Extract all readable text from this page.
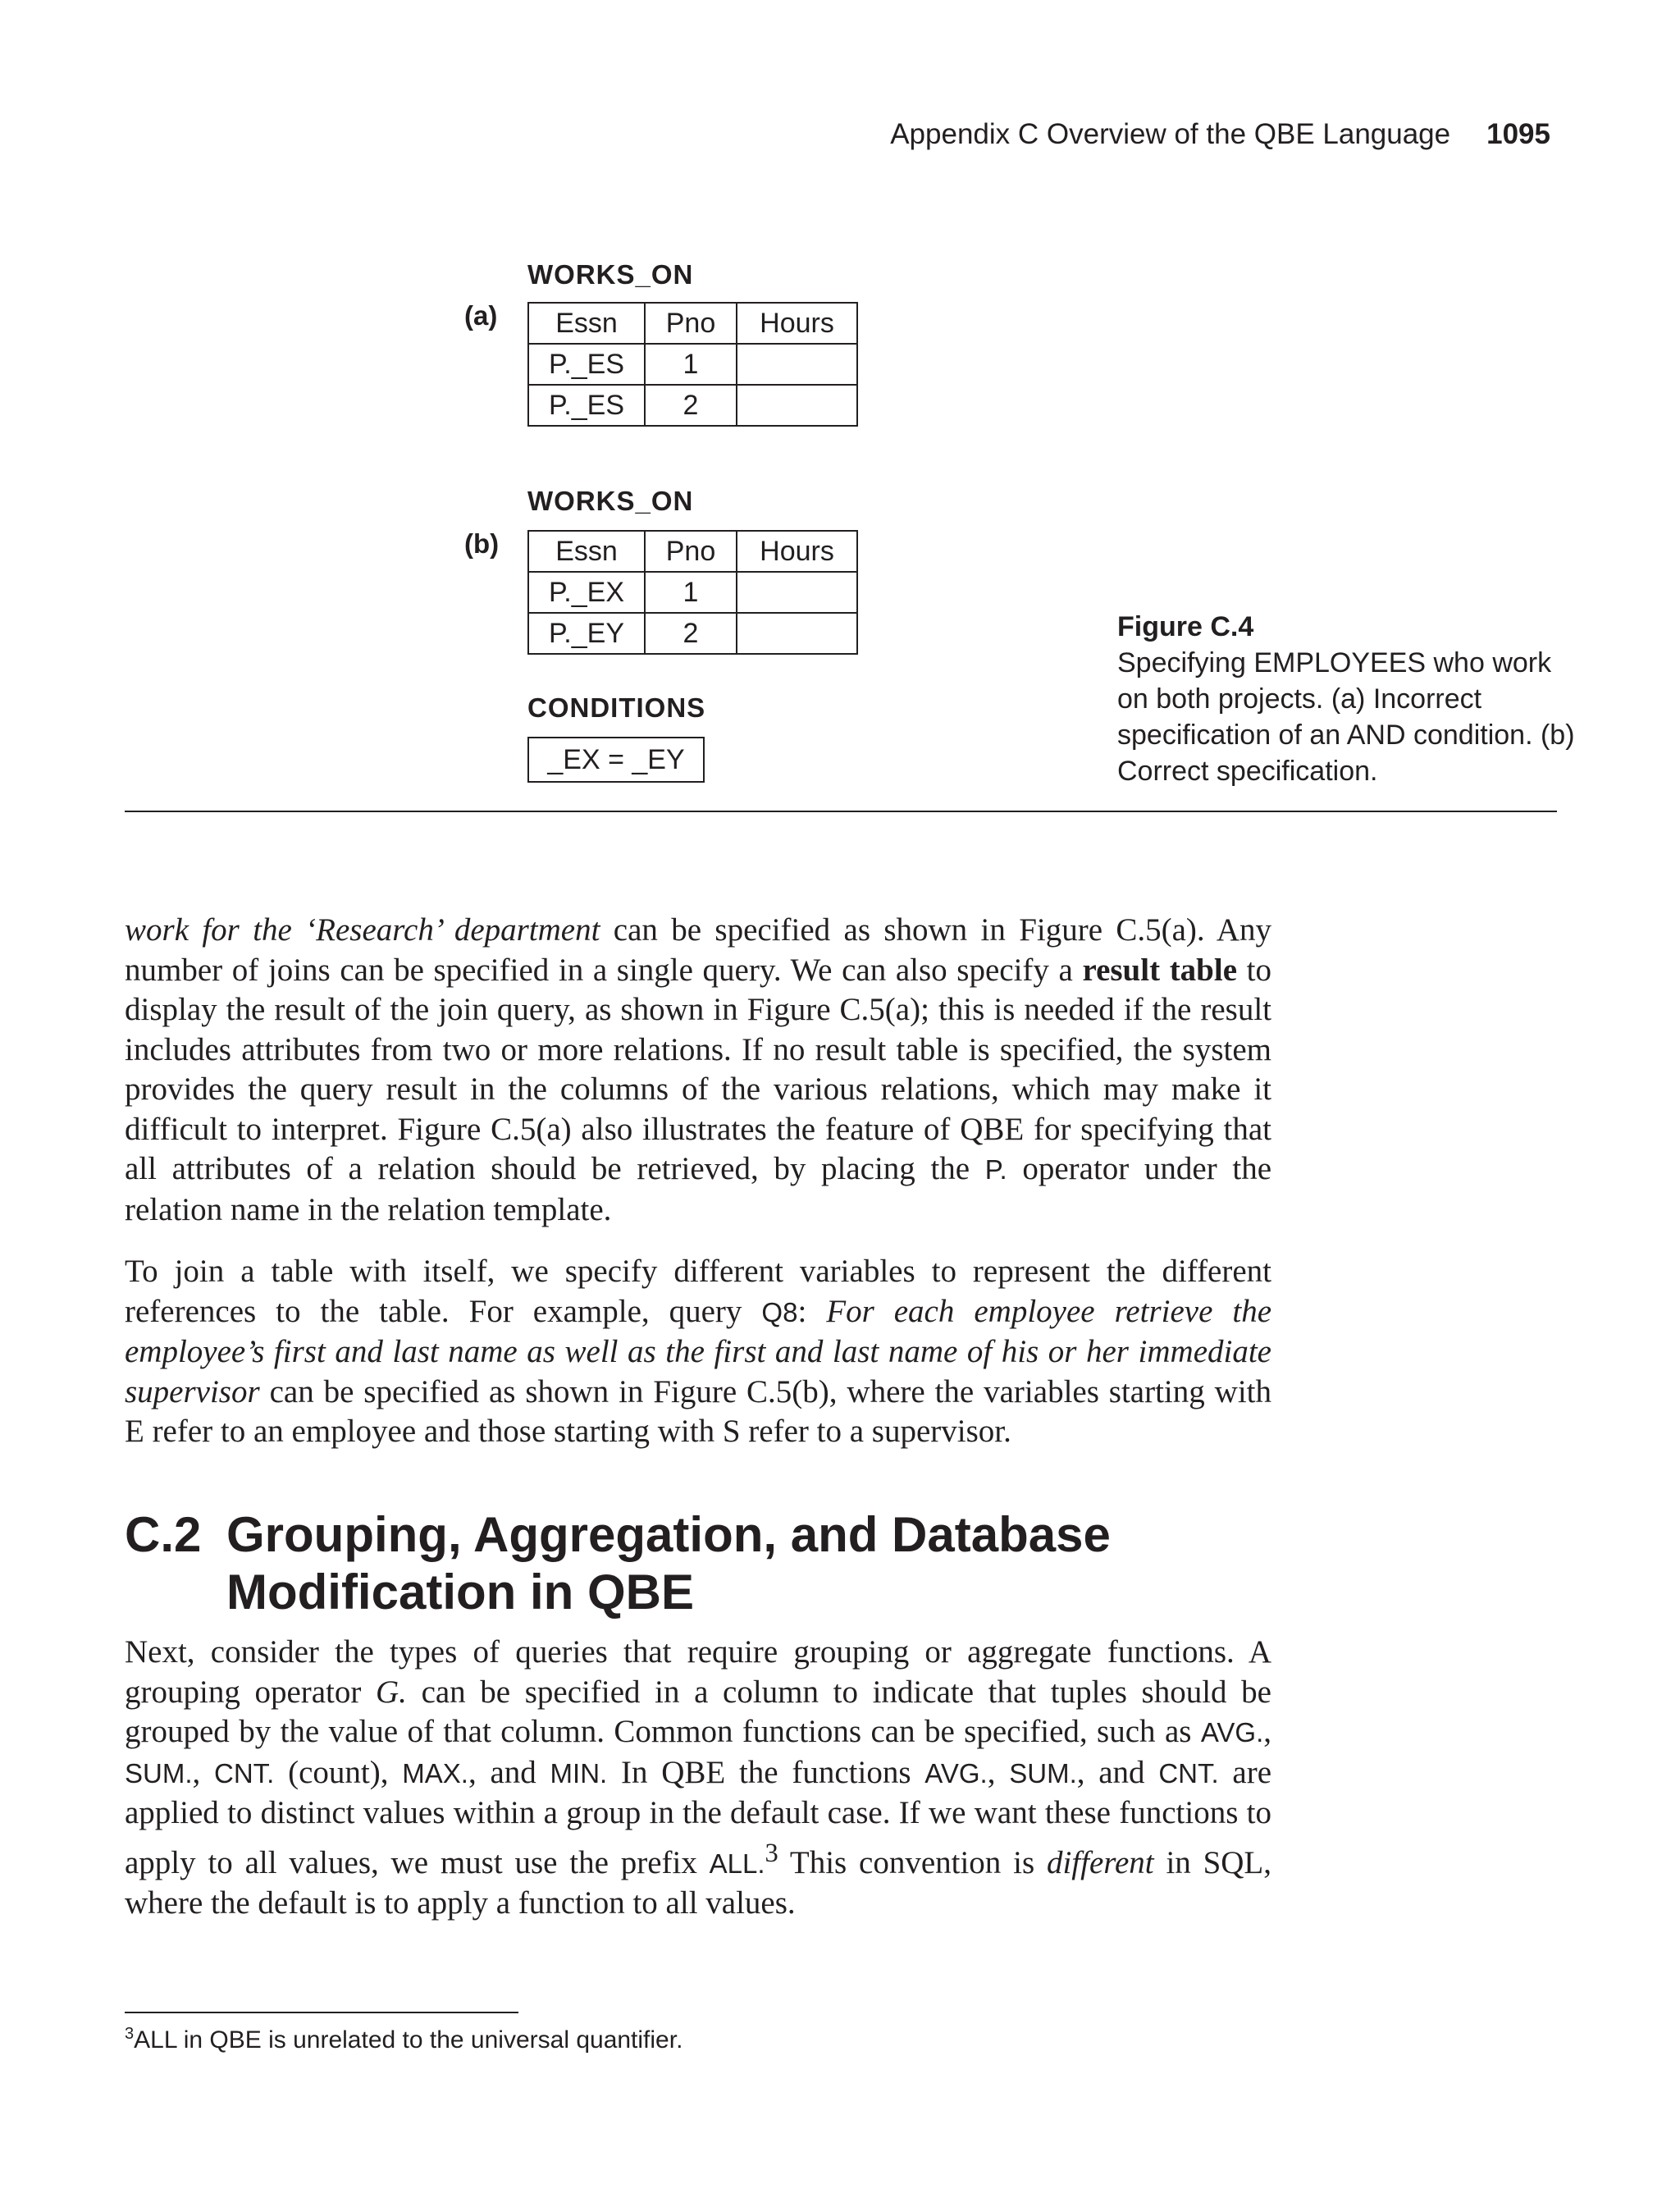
Appendix C Overview of the QBE Language 1095
WORKS_ON
(a) Essn	Pno	Hours
P._ES	1	
P._ES	2	
WORKS_ON
(b) Essn	Pno	Hours
P._EX	1	
P._EY	2	
CONDITIONS
_EX = _EY
Figure C.4
Specifying EMPLOYEES who work on both projects. (a) Incorrect specification of an AND condition. (b) Correct specification.

work for the ‘Research’ department can be specified as shown in Figure C.5(a). Any number of joins can be specified in a single query. We can also specify a result table to display the result of the join query, as shown in Figure C.5(a); this is needed if the result includes attributes from two or more relations. If no result table is specified, the system provides the query result in the columns of the various relations, which may make it difficult to interpret. Figure C.5(a) also illustrates the feature of QBE for specifying that all attributes of a relation should be retrieved, by placing the P. operator under the relation name in the relation template.

To join a table with itself, we specify different variables to represent the different references to the table. For example, query Q8: For each employee retrieve the employee’s first and last name as well as the first and last name of his or her immediate supervisor can be specified as shown in Figure C.5(b), where the variables starting with E refer to an employee and those starting with S refer to a supervisor.

C.2 Grouping, Aggregation, and Database
Modification in QBE

Next, consider the types of queries that require grouping or aggregate functions. A grouping operator G. can be specified in a column to indicate that tuples should be grouped by the value of that column. Common functions can be specified, such as AVG., SUM., CNT. (count), MAX., and MIN. In QBE the functions AVG., SUM., and CNT. are applied to distinct values within a group in the default case. If we want these functions to apply to all values, we must use the prefix ALL.$^3$ This convention is different in SQL, where the default is to apply a function to all values.

$^3$ALL in QBE is unrelated to the universal quantifier.
